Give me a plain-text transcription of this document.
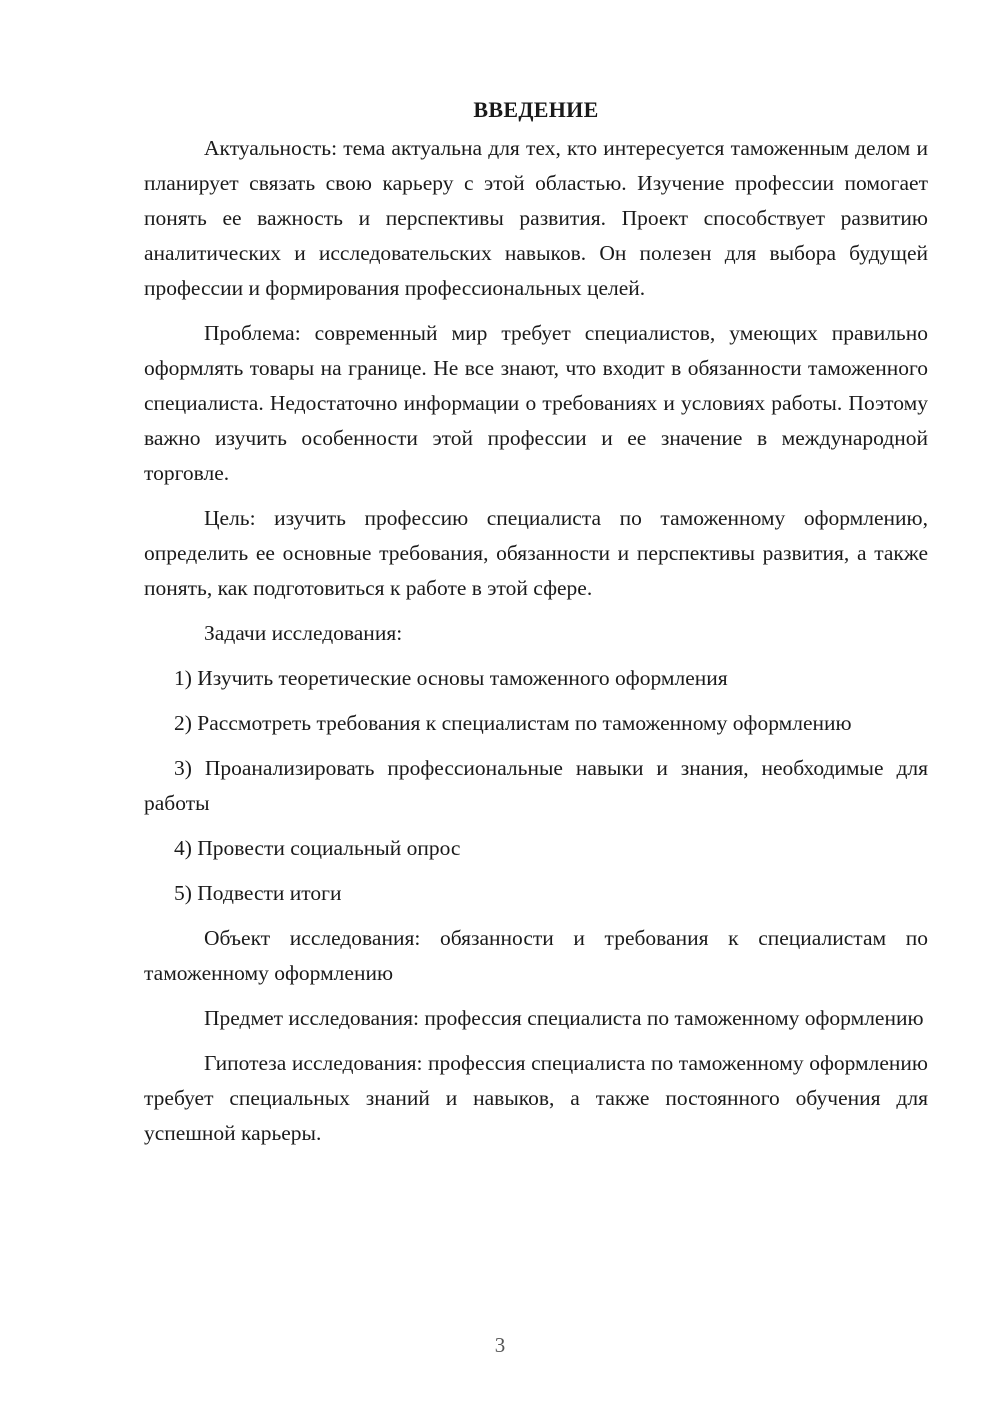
ВВЕДЕНИЕ

Актуальность: тема актуальна для тех, кто интересуется таможенным делом и планирует связать свою карьеру с этой областью. Изучение профессии помогает понять ее важность и перспективы развития. Проект способствует развитию аналитических и исследовательских навыков. Он полезен для выбора будущей профессии и формирования профессиональных целей.

Проблема: современный мир требует специалистов, умеющих правильно оформлять товары на границе. Не все знают, что входит в обязанности таможенного специалиста. Недостаточно информации о требованиях и условиях работы. Поэтому важно изучить особенности этой профессии и ее значение в международной торговле.

Цель: изучить профессию специалиста по таможенному оформлению, определить ее основные требования, обязанности и перспективы развития, а также понять, как подготовиться к работе в этой сфере.

Задачи исследования:

1) Изучить теоретические основы таможенного оформления

2) Рассмотреть требования к специалистам по таможенному оформлению

3) Проанализировать профессиональные навыки и знания, необходимые для работы

4) Провести социальный опрос

5) Подвести итоги

Объект исследования: обязанности и требования к специалистам по таможенному оформлению

Предмет исследования: профессия специалиста по таможенному оформлению

Гипотеза исследования: профессия специалиста по таможенному оформлению требует специальных знаний и навыков, а также постоянного обучения для успешной карьеры.

3
